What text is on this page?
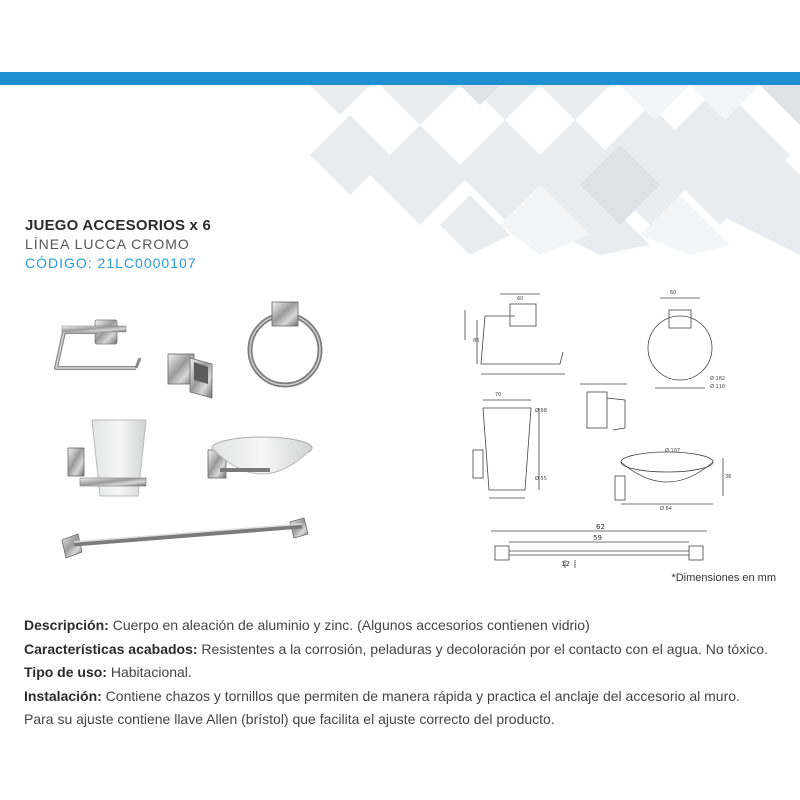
JUEGO ACCESORIOS x 6
LÍNEA LUCCA CROMO
CÓDIGO: 21LC0000107
86
60
60
Ø 182
Ø 110
70
Ø 68
Ø 55
Ø 107
36
Ø 64
62
59
12
*Dimensiones en mm

Descripción: Cuerpo en aleación de aluminio y zinc. (Algunos accesorios contienen vidrio)

Características acabados: Resistentes a la corrosión, peladuras y decoloración por el contacto con el agua. No tóxico.

Tipo de uso: Habitacional.

Instalación: Contiene chazos y tornillos que permiten de manera rápida y practica el anclaje del accesorio al muro.

Para su ajuste contiene llave Allen (brístol) que facilita el ajuste correcto del producto.
